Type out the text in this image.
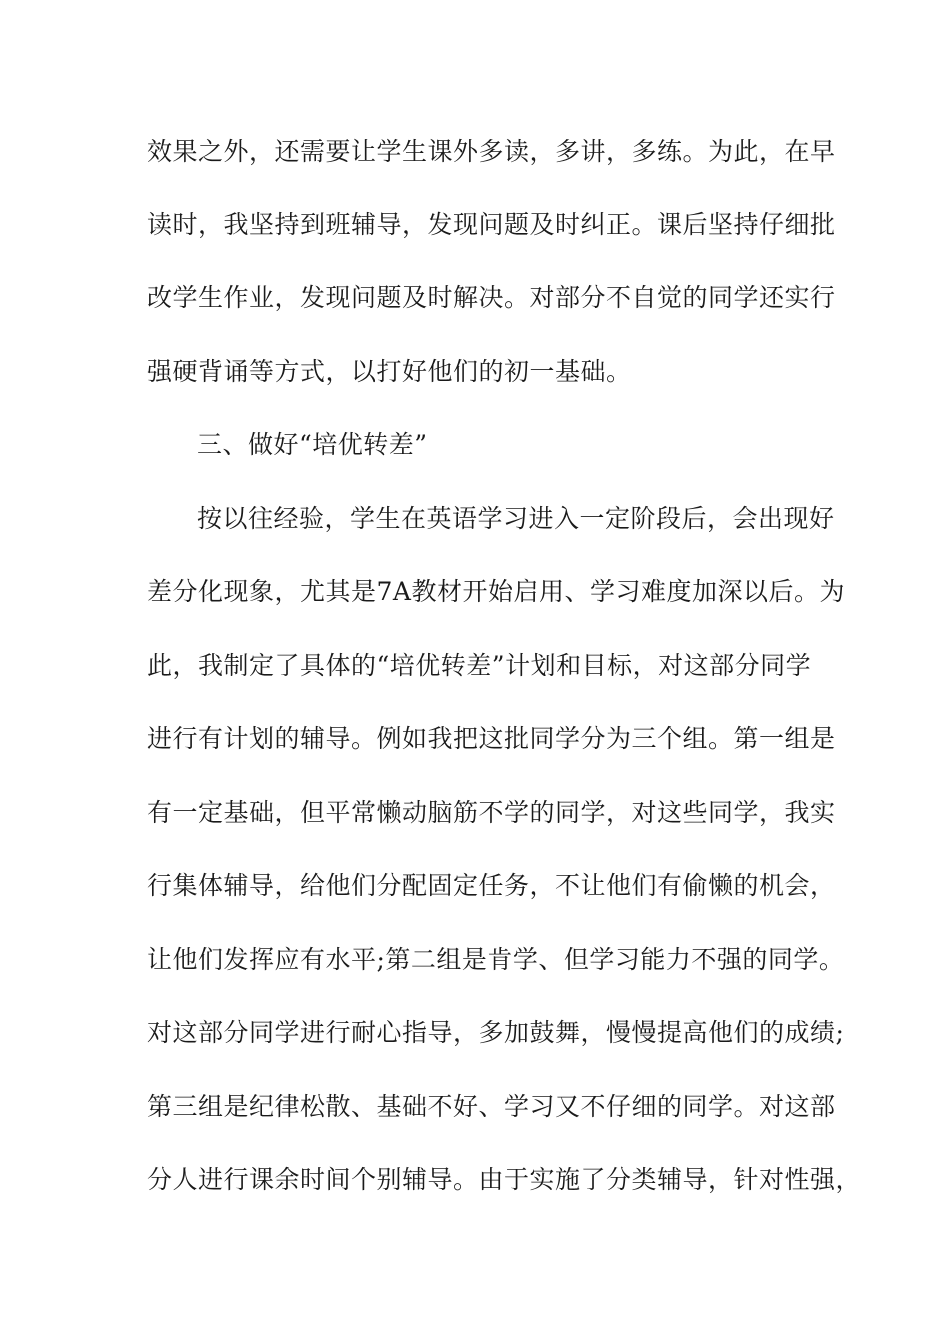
效果之外，还需要让学生课外多读，多讲，多练。为此，在早
读时，我坚持到班辅导，发现问题及时纠正。课后坚持仔细批
改学生作业，发现问题及时解决。对部分不自觉的同学还实行
强硬背诵等方式，以打好他们的初一基础。
三、做好“培优转差”
按以往经验，学生在英语学习进入一定阶段后，会出现好
差分化现象，尤其是7A教材开始启用、学习难度加深以后。为
此，我制定了具体的“培优转差”计划和目标，对这部分同学
进行有计划的辅导。例如我把这批同学分为三个组。第一组是
有一定基础，但平常懒动脑筋不学的同学，对这些同学，我实
行集体辅导，给他们分配固定任务，不让他们有偷懒的机会，
让他们发挥应有水平;第二组是肯学、但学习能力不强的同学。
对这部分同学进行耐心指导，多加鼓舞，慢慢提高他们的成绩;
第三组是纪律松散、基础不好、学习又不仔细的同学。对这部
分人进行课余时间个别辅导。由于实施了分类辅导，针对性强，
